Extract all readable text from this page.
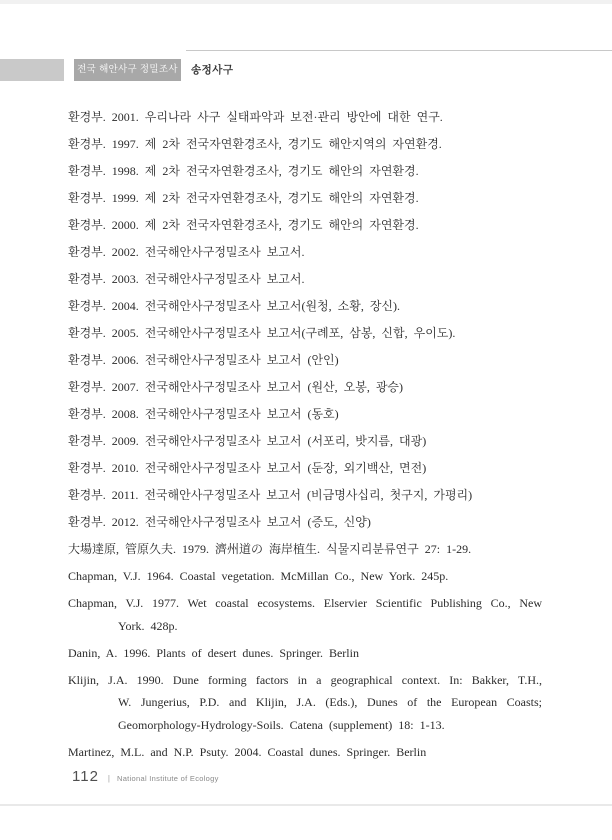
전국 해안사구 정밀조사	송정사구

환경부. 2001. 우리나라 사구 실태파악과 보전·관리 방안에 대한 연구.

환경부. 1997. 제 2차 전국자연환경조사, 경기도 해안지역의 자연환경.

환경부. 1998. 제 2차 전국자연환경조사, 경기도 해안의 자연환경.

환경부. 1999. 제 2차 전국자연환경조사, 경기도 해안의 자연환경.

환경부. 2000. 제 2차 전국자연환경조사, 경기도 해안의 자연환경.

환경부. 2002. 전국해안사구정밀조사 보고서.

환경부. 2003. 전국해안사구정밀조사 보고서.

환경부. 2004. 전국해안사구정밀조사 보고서(원청, 소황, 장신).

환경부. 2005. 전국해안사구정밀조사 보고서(구례포, 삼봉, 신합, 우이도).

환경부. 2006. 전국해안사구정밀조사 보고서 (안인)

환경부. 2007. 전국해안사구정밀조사 보고서 (원산, 오봉, 광승)

환경부. 2008. 전국해안사구정밀조사 보고서 (동호)

환경부. 2009. 전국해안사구정밀조사 보고서 (서포리, 밧지름, 대광)

환경부. 2010. 전국해안사구정밀조사 보고서 (둔장, 외기백산, 면전)

환경부. 2011. 전국해안사구정밀조사 보고서 (비금명사십리, 첫구지, 가평리)

환경부. 2012. 전국해안사구정밀조사 보고서 (증도, 신양)

大場達原, 管原久夫. 1979. 濟州道の 海岸植生. 식물지리분류연구 27: 1-29.

Chapman, V.J. 1964. Coastal vegetation. McMillan Co., New York. 245p.

Chapman, V.J. 1977. Wet coastal ecosystems. Elservier Scientific Publishing Co., New
York. 428p.

Danin, A. 1996. Plants of desert dunes. Springer. Berlin

Klijin, J.A. 1990. Dune forming factors in a geographical context. In: Bakker, T.H.,
W. Jungerius, P.D. and Klijin, J.A. (Eds.), Dunes of the European Coasts;
Geomorphology-Hydrology-Soils. Catena (supplement) 18: 1-13.

Martinez, M.L. and N.P. Psuty. 2004. Coastal dunes. Springer. Berlin

112 | National Institute of Ecology
